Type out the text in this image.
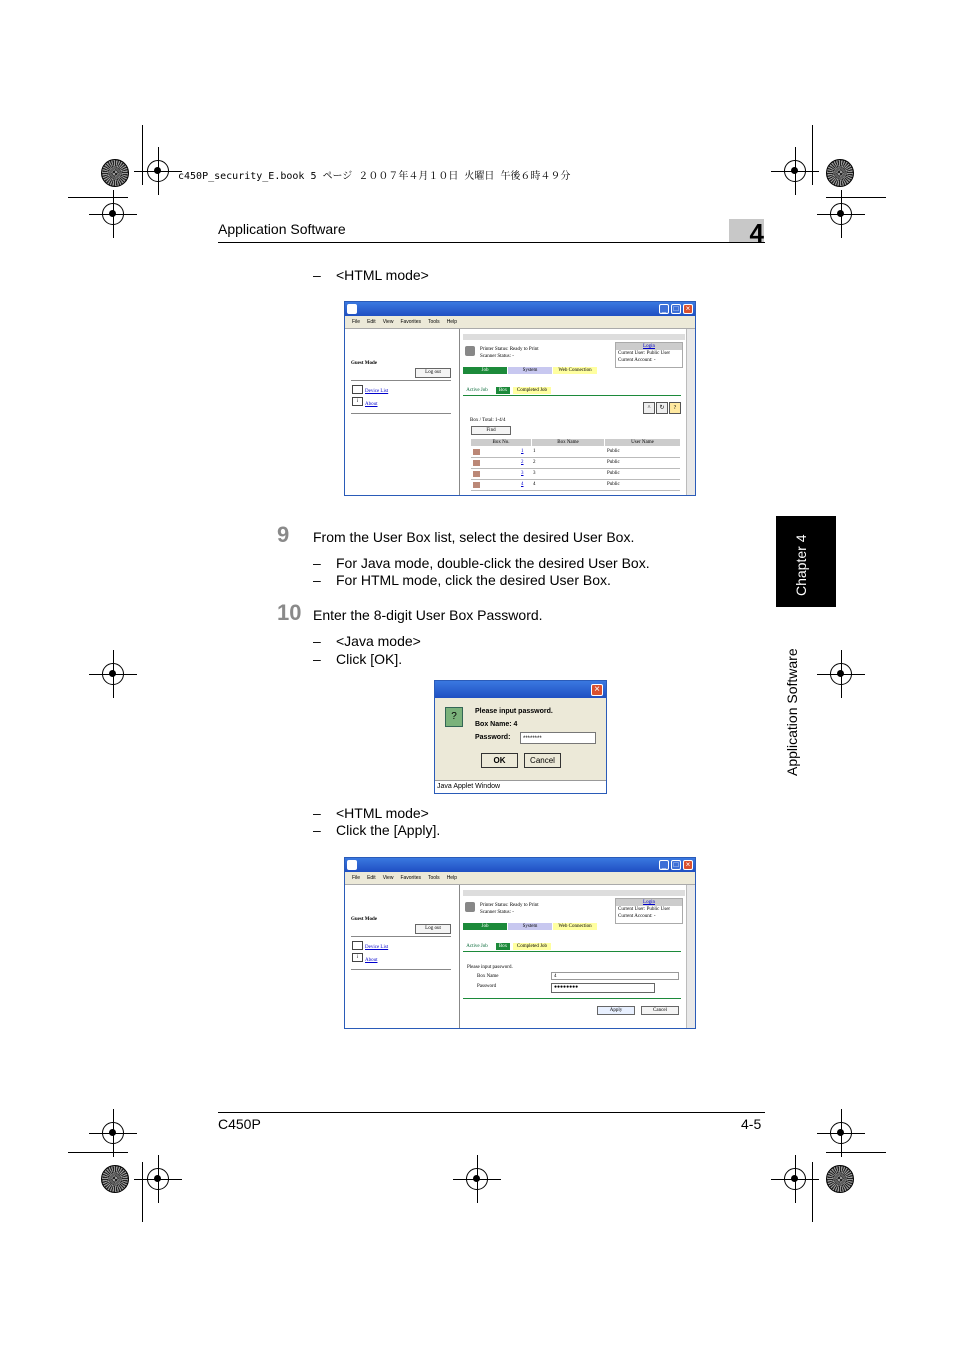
c450P_security_E.book 5 ページ ２００７年４月１０日 火曜日 午後６時４９分
Application Software	4
Chapter 4
Application Software
– <HTML mode>
_ □ ×
File Edit View Favorites Tools Help
Guest Mode
Log out
Device List
i
About
Printer Status: Ready to Print
Scanner Status: -
Login
Current User: Public User
Current Account: -
Job	System	Web Connection
Active Job	Box	Completed Job
^	↻	?
Box / Total: 1-4/4
Find
Box No.	Box Name	User Name
1 1	Public
2 2	Public
3 3	Public
4 4	Public
9 From the User Box list, select the desired User Box.
– For Java mode, double-click the desired User Box.
– For HTML mode, click the desired User Box.
10 Enter the 8-digit User Box Password.
– <Java mode>
– Click [OK].
×
?	Please input password.
Box Name: 4
Password:	********
OK	Cancel
Java Applet Window
– <HTML mode>
– Click the [Apply].
_ □ ×
File Edit View Favorites Tools Help
Guest Mode
Log out
Device List
i
About
Printer Status: Ready to Print
Scanner Status: -
Login
Current User: Public User
Current Account: -
Job	System	Web Connection
Active Job	Box	Completed Job
Please input password.
Box Name	4
Password	●●●●●●●●
Apply	Cancel
C450P	4-5
